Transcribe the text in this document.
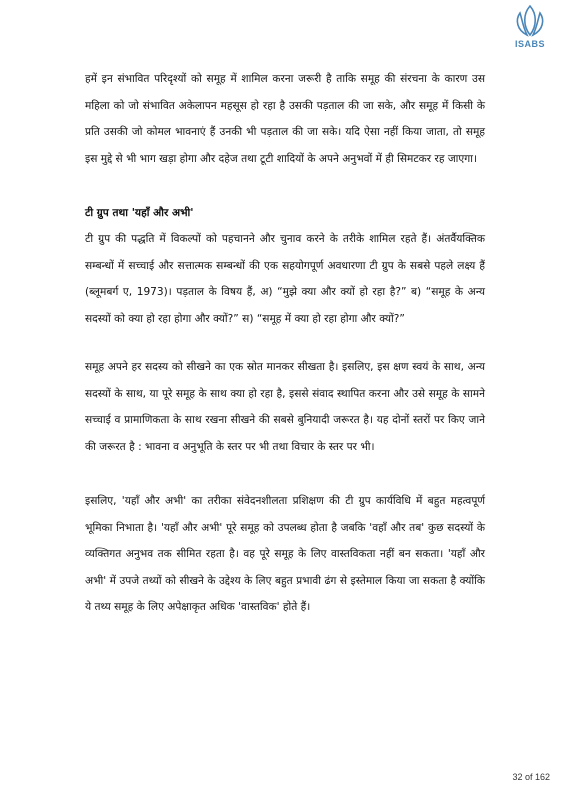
ISABS

हमें इन संभावित परिदृश्यों को समूह में शामिल करना जरूरी है ताकि समूह की संरचना के कारण उस महिला को जो संभावित अकेलापन महसूस हो रहा है उसकी पड़ताल की जा सके, और समूह में किसी के प्रति उसकी जो कोमल भावनाएं हैं उनकी भी पड़ताल की जा सके। यदि ऐसा नहीं किया जाता, तो समूह इस मुद्दे से भी भाग खड़ा होगा और दहेज तथा टूटी शादियों के अपने अनुभवों में ही सिमटकर रह जाएगा।

टी ग्रुप तथा 'यहाँ और अभी'

टी ग्रुप की पद्धति में विकल्पों को पहचानने और चुनाव करने के तरीके शामिल रहते हैं। अंतर्वैयक्तिक सम्बन्धों में सच्चाई और सत्तात्मक सम्बन्धों की एक सहयोगपूर्ण अवधारणा टी ग्रुप के सबसे पहले लक्ष्य हैं (ब्लूमबर्ग ए, 1973)। पड़ताल के विषय हैं, अ) “मुझे क्या और क्यों हो रहा है?” ब) “समूह के अन्य सदस्यों को क्या हो रहा होगा और क्यों?” स) “समूह में क्या हो रहा होगा और क्यों?”

समूह अपने हर सदस्य को सीखने का एक स्रोत मानकर सीखता है। इसलिए, इस क्षण स्वयं के साथ, अन्य सदस्यों के साथ, या पूरे समूह के साथ क्या हो रहा है, इससे संवाद स्थापित करना और उसे समूह के सामने सच्चाई व प्रामाणिकता के साथ रखना सीखने की सबसे बुनियादी जरूरत है। यह दोनों स्तरों पर किए जाने की जरूरत है : भावना व अनुभूति के स्तर पर भी तथा विचार के स्तर पर भी।

इसलिए, 'यहाँ और अभी' का तरीका संवेदनशीलता प्रशिक्षण की टी ग्रुप कार्यविधि में बहुत महत्वपूर्ण भूमिका निभाता है। 'यहाँ और अभी' पूरे समूह को उपलब्ध होता है जबकि 'वहाँ और तब' कुछ सदस्यों के व्यक्तिगत अनुभव तक सीमित रहता है। वह पूरे समूह के लिए वास्तविकता नहीं बन सकता। 'यहाँ और अभी' में उपजे तथ्यों को सीखने के उद्देश्य के लिए बहुत प्रभावी ढंग से इस्तेमाल किया जा सकता है क्योंकि ये तथ्य समूह के लिए अपेक्षाकृत अधिक 'वास्तविक' होते हैं।

32 of 162
